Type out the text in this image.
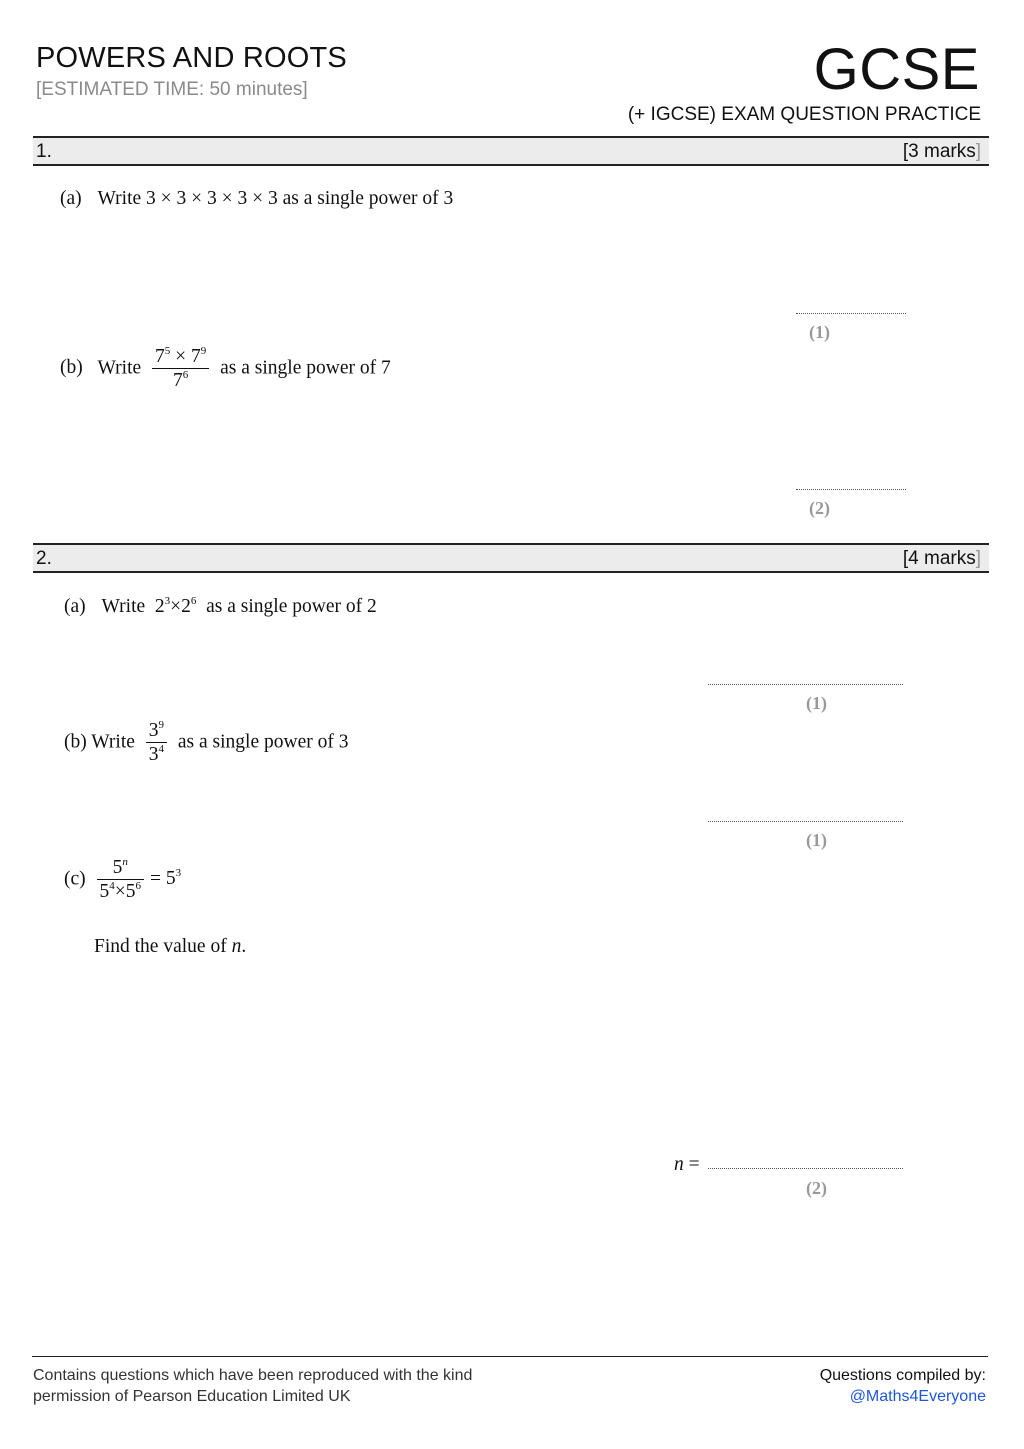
POWERS AND ROOTS
[ESTIMATED TIME: 50 minutes]	GCSE
(+ IGCSE) EXAM QUESTION PRACTICE
1.	[3 marks]
(a) Write 3 × 3 × 3 × 3 × 3 as a single power of 3
(1)
(b) Write $\frac{7^5 \times 7^9}{7^6}$ as a single power of 7
(2)
2.	[4 marks]
(a) Write $2^3\times 2^6$ as a single power of 2
(1)
(b) Write $\frac{3^9}{3^4}$ as a single power of 3
(1)
$(c) \frac{5^n}{5^4\times 5^6} = 5^3$
Find the value of n.
n =
(2)
Contains questions which have been reproduced with the kind
permission of Pearson Education Limited UK
Questions compiled by:
@Maths4Everyone
